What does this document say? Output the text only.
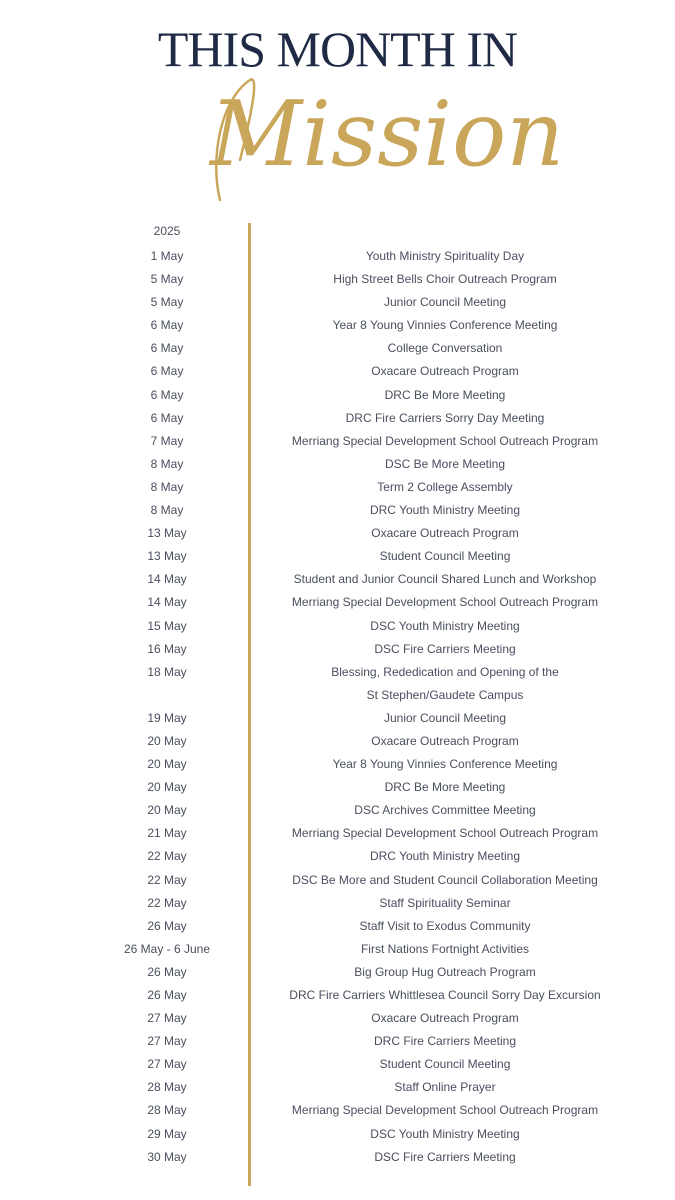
THIS MONTH IN
Mission
2025
1 May	Youth Ministry Spirituality Day
5 May	High Street Bells Choir Outreach Program
5 May	Junior Council Meeting
6 May	Year 8 Young Vinnies Conference Meeting
6 May	College Conversation
6 May	Oxacare Outreach Program
6 May	DRC Be More Meeting
6 May	DRC Fire Carriers Sorry Day Meeting
7 May	Merriang Special Development School Outreach Program
8 May	DSC Be More Meeting
8 May	Term 2 College Assembly
8 May	DRC Youth Ministry Meeting
13 May	Oxacare Outreach Program
13 May	Student Council Meeting
14 May	Student and Junior Council Shared Lunch and Workshop
14 May	Merriang Special Development School Outreach Program
15 May	DSC Youth Ministry Meeting
16 May	DSC Fire Carriers Meeting
18 May	Blessing, Rededication and Opening of the
St Stephen/Gaudete Campus
19 May	Junior Council Meeting
20 May	Oxacare Outreach Program
20 May	Year 8 Young Vinnies Conference Meeting
20 May	DRC Be More Meeting
20 May	DSC Archives Committee Meeting
21 May	Merriang Special Development School Outreach Program
22 May	DRC Youth Ministry Meeting
22 May	DSC Be More and Student Council Collaboration Meeting
22 May	Staff Spirituality Seminar
26 May	Staff Visit to Exodus Community
26 May - 6 June	First Nations Fortnight Activities
26 May	Big Group Hug Outreach Program
26 May	DRC Fire Carriers Whittlesea Council Sorry Day Excursion
27 May	Oxacare Outreach Program
27 May	DRC Fire Carriers Meeting
27 May	Student Council Meeting
28 May	Staff Online Prayer
28 May	Merriang Special Development School Outreach Program
29 May	DSC Youth Ministry Meeting
30 May	DSC Fire Carriers Meeting
